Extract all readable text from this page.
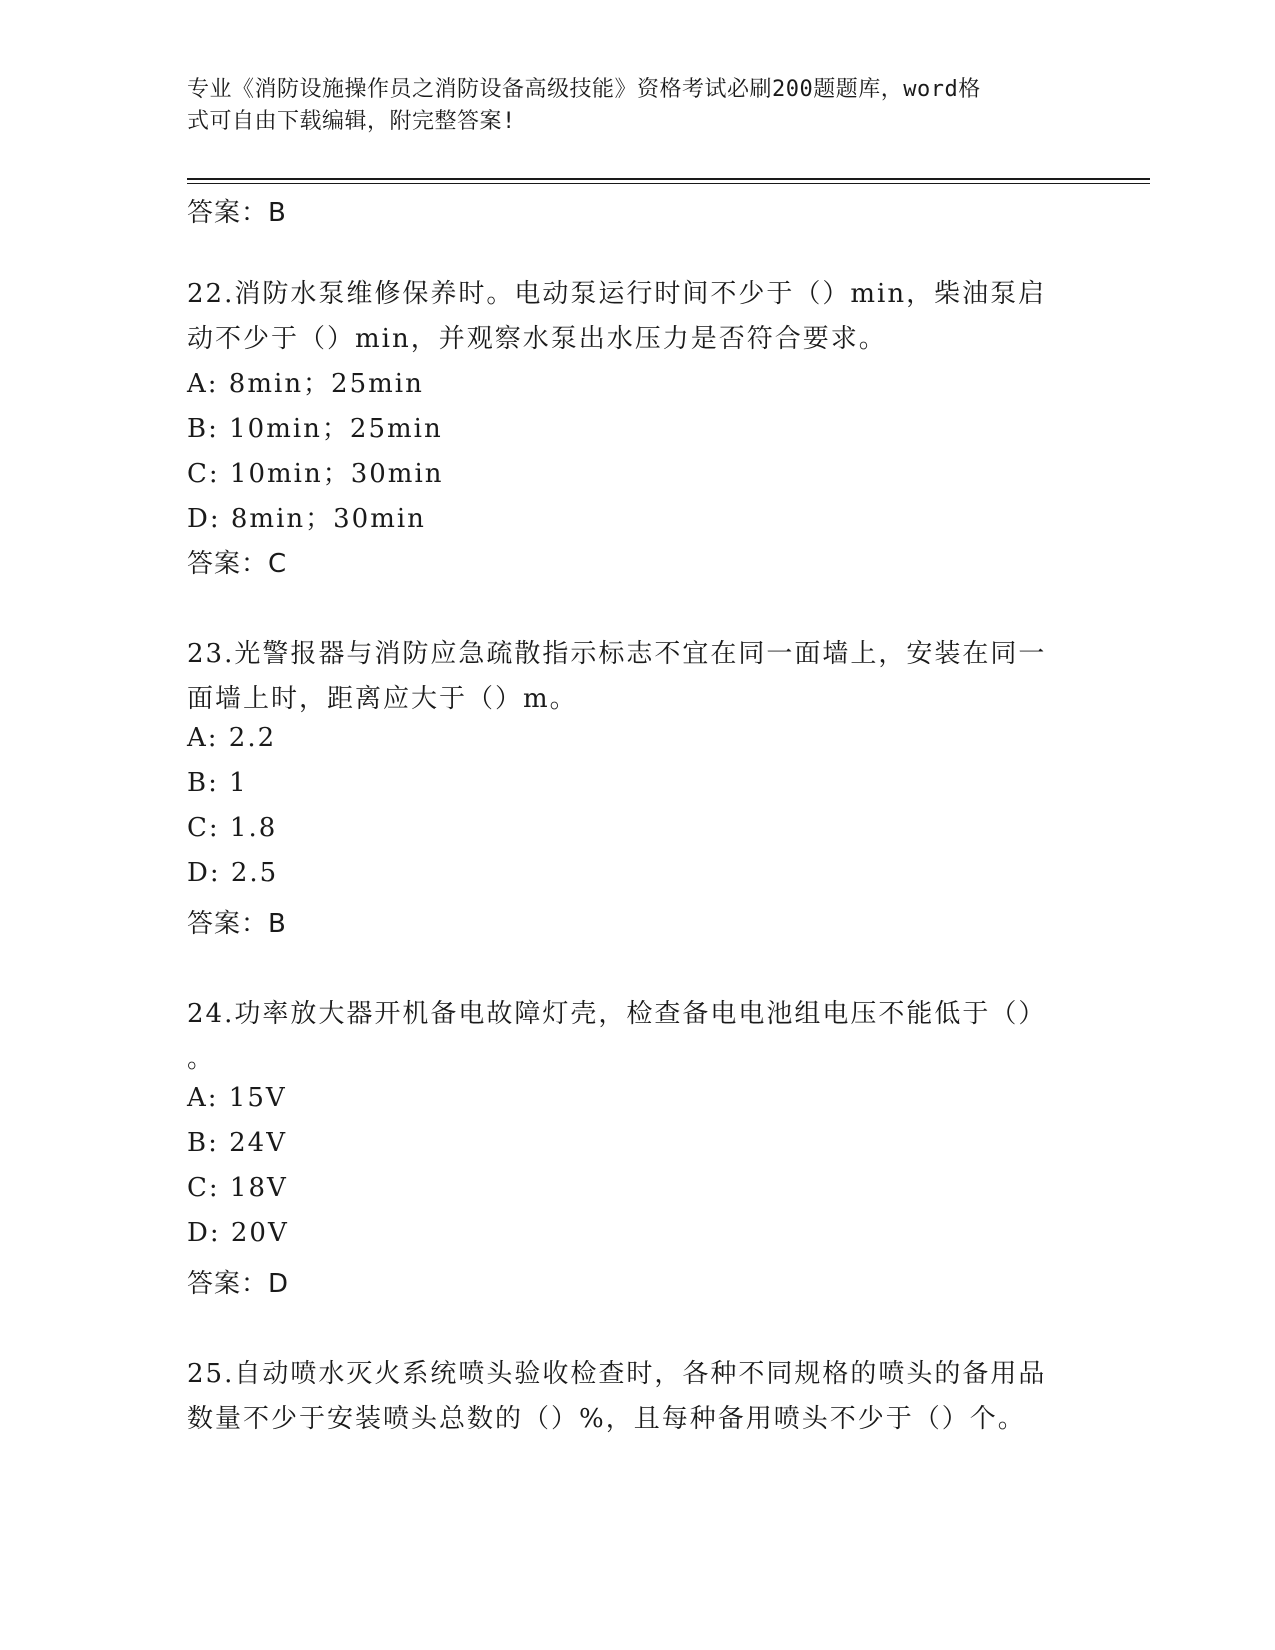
专业《消防设施操作员之消防设备高级技能》资格考试必刷200题题库，word格
式可自由下载编辑，附完整答案!
答案：B
22.消防水泵维修保养时。电动泵运行时间不少于（）min，柴油泵启
动不少于（）min，并观察水泵出水压力是否符合要求。
A: 8min；25min
B: 10min；25min
C: 10min；30min
D: 8min；30min
答案：C
23.光警报器与消防应急疏散指示标志不宜在同一面墙上，安装在同一
面墙上时，距离应大于（）m。
A: 2.2
B: 1
C: 1.8
D: 2.5
答案：B
24.功率放大器开机备电故障灯壳，检查备电电池组电压不能低于（）
。
A: 15V
B: 24V
C: 18V
D: 20V
答案：D
25.自动喷水灭火系统喷头验收检查时，各种不同规格的喷头的备用品
数量不少于安装喷头总数的（）%，且每种备用喷头不少于（）个。
